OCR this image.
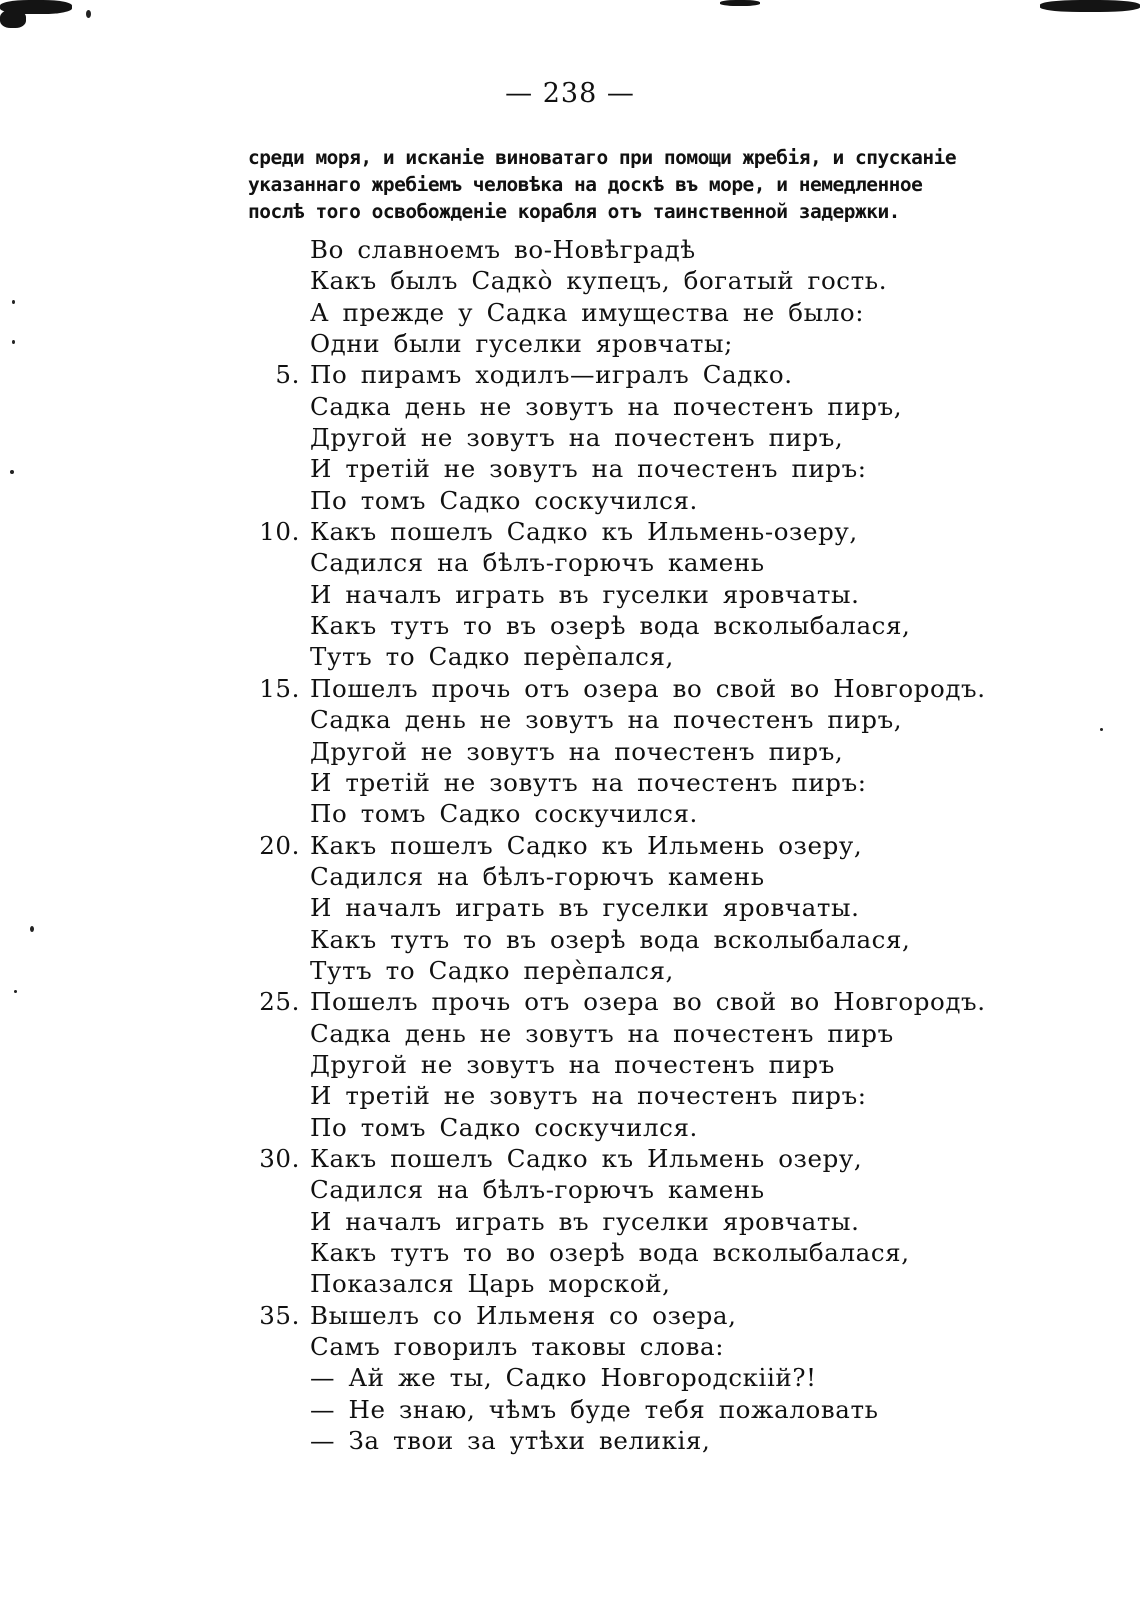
— 238 —
среди моря, и исканіе виноватаго при помощи жребія, и спусканіе
указаннаго жребіемъ человѣка на доскѣ въ море, и немедленное
послѣ того освобожденіе корабля отъ таинственной задержки.
Во славноемъ во-Новѣградѣ
Какъ былъ Садко̀ купецъ, богатый гость.
А прежде у Садка имущества не было:
Одни были гуселки яровчаты;
5. По пирамъ ходилъ—игралъ Садко.
Садка день не зовутъ на почестенъ пиръ,
Другой не зовутъ на почестенъ пиръ,
И третій не зовутъ на почестенъ пиръ:
По томъ Садко соскучился.
10. Какъ пошелъ Садко къ Ильмень-озеру,
Садился на бѣлъ-горючъ камень
И началъ играть въ гуселки яровчаты.
Какъ тутъ то въ озерѣ вода всколыбалася,
Тутъ то Садко перѐпался,
15. Пошелъ прочь отъ озера во свой во Новгородъ.
Садка день не зовутъ на почестенъ пиръ,
Другой не зовутъ на почестенъ пиръ,
И третій не зовутъ на почестенъ пиръ:
По томъ Садко соскучился.
20. Какъ пошелъ Садко къ Ильмень озеру,
Садился на бѣлъ-горючъ камень
И началъ играть въ гуселки яровчаты.
Какъ тутъ то въ озерѣ вода всколыбалася,
Тутъ то Садко перѐпался,
25. Пошелъ прочь отъ озера во свой во Новгородъ.
Садка день не зовутъ на почестенъ пиръ
Другой не зовутъ на почестенъ пиръ
И третій не зовутъ на почестенъ пиръ:
По томъ Садко соскучился.
30. Какъ пошелъ Садко къ Ильмень озеру,
Садился на бѣлъ-горючъ камень
И началъ играть въ гуселки яровчаты.
Какъ тутъ то во озерѣ вода всколыбалася,
Показался Царь морской,
35. Вышелъ со Ильменя со озера,
Самъ говорилъ таковы слова:
— Ай же ты, Садко Новгородскіій?!
— Не знаю, чѣмъ буде тебя пожаловать
— За твои за утѣхи великія,
